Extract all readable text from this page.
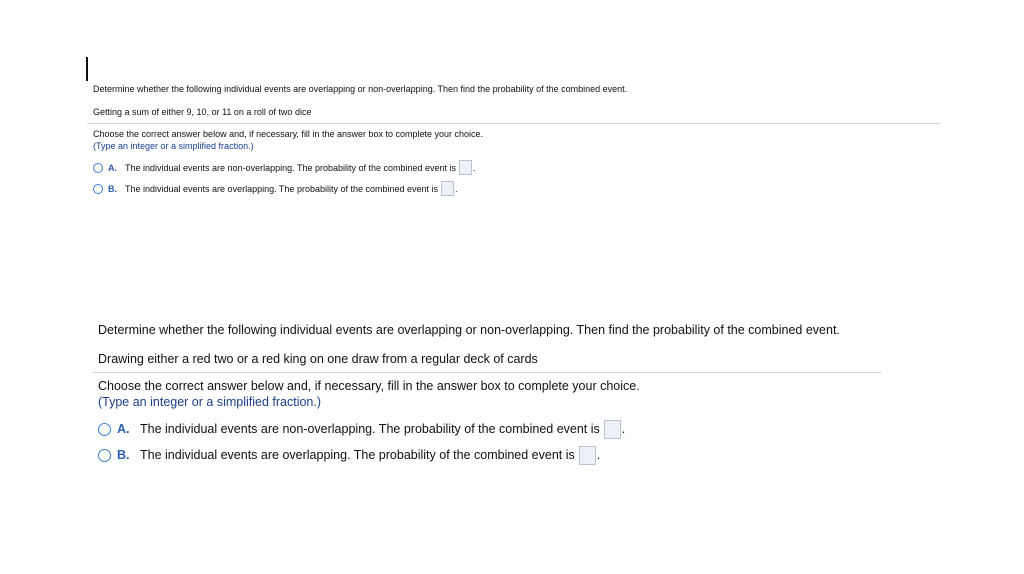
Determine whether the following individual events are overlapping or non-overlapping. Then find the probability of the combined event.

Getting a sum of either 9, 10, or 11 on a roll of two dice

Choose the correct answer below and, if necessary, fill in the answer box to complete your choice.

(Type an integer or a simplified fraction.)

A. The individual events are non-overlapping. The probability of the combined event is .
B. The individual events are overlapping. The probability of the combined event is .

Determine whether the following individual events are overlapping or non-overlapping. Then find the probability of the combined event.

Drawing either a red two or a red king on one draw from a regular deck of cards

Choose the correct answer below and, if necessary, fill in the answer box to complete your choice.

(Type an integer or a simplified fraction.)

A. The individual events are non-overlapping. The probability of the combined event is .
B. The individual events are overlapping. The probability of the combined event is .
